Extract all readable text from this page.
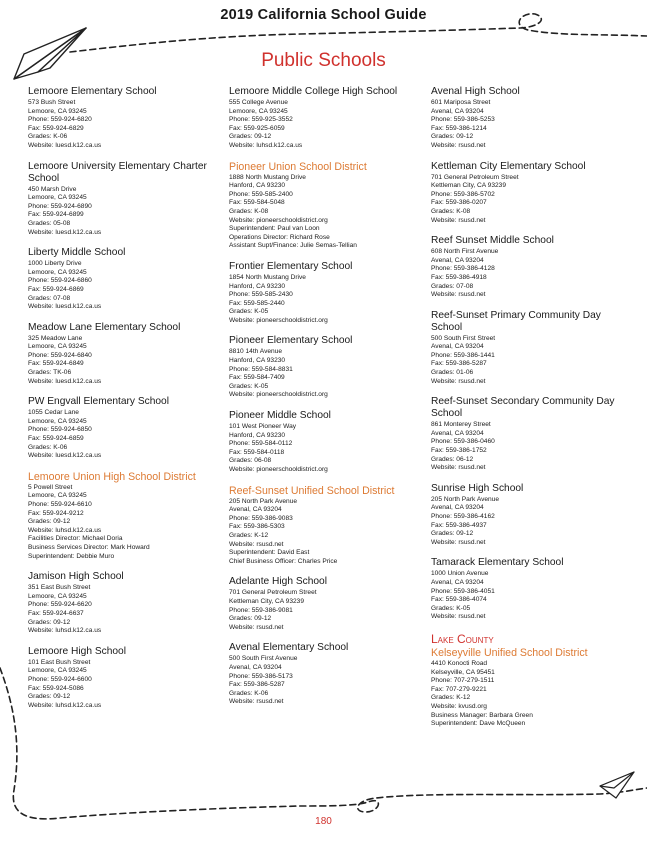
2019 California School Guide
Public Schools
Lemoore Elementary School
573 Bush Street
Lemoore, CA 93245
Phone: 559-924-6820
Fax: 559-924-6829
Grades: K-06
Website: luesd.k12.ca.us
Lemoore University Elementary Charter School
450 Marsh Drive
Lemoore, CA 93245
Phone: 559-924-6890
Fax: 559-924-6899
Grades: 05-08
Website: luesd.k12.ca.us
Liberty Middle School
1000 Liberty Drive
Lemoore, CA 93245
Phone: 559-924-6860
Fax: 559-924-6869
Grades: 07-08
Website: luesd.k12.ca.us
Meadow Lane Elementary School
325 Meadow Lane
Lemoore, CA 93245
Phone: 559-924-6840
Fax: 559-924-6849
Grades: TK-06
Website: luesd.k12.ca.us
PW Engvall Elementary School
1055 Cedar Lane
Lemoore, CA 93245
Phone: 559-924-6850
Fax: 559-924-6859
Grades: K-06
Website: luesd.k12.ca.us
Lemoore Union High School District
5 Powell Street
Lemoore, CA 93245
Phone: 559-924-6610
Fax: 559-924-9212
Grades: 09-12
Website: luhsd.k12.ca.us
Facilities Director: Michael Doria
Business Services Director: Mark Howard
Superintendent: Debbie Muro
Jamison High School
351 East Bush Street
Lemoore, CA 93245
Phone: 559-924-6620
Fax: 559-924-6637
Grades: 09-12
Website: luhsd.k12.ca.us
Lemoore High School
101 East Bush Street
Lemoore, CA 93245
Phone: 559-924-6600
Fax: 559-924-5086
Grades: 09-12
Website: luhsd.k12.ca.us
Lemoore Middle College High School
555 College Avenue
Lemoore, CA 93245
Phone: 559-925-3552
Fax: 559-925-6059
Grades: 09-12
Website: luhsd.k12.ca.us
Pioneer Union School District
1888 North Mustang Drive
Hanford, CA 93230
Phone: 559-585-2400
Fax: 559-584-5048
Grades: K-08
Website: pioneerschooldistrict.org
Superintendent: Paul van Loon
Operations Director: Richard Rose
Assistant Supt/Finance: Julie Semas-Tellian
Frontier Elementary School
1854 North Mustang Drive
Hanford, CA 93230
Phone: 559-585-2430
Fax: 559-585-2440
Grades: K-05
Website: pioneerschooldistrict.org
Pioneer Elementary School
8810 14th Avenue
Hanford, CA 93230
Phone: 559-584-8831
Fax: 559-584-7409
Grades: K-05
Website: pioneerschooldistrict.org
Pioneer Middle School
101 West Pioneer Way
Hanford, CA 93230
Phone: 559-584-0112
Fax: 559-584-0118
Grades: 06-08
Website: pioneerschooldistrict.org
Reef-Sunset Unified School District
205 North Park Avenue
Avenal, CA 93204
Phone: 559-386-9083
Fax: 559-386-5303
Grades: K-12
Website: rsusd.net
Superintendent: David East
Chief Business Officer: Charles Price
Adelante High School
701 General Petroleum Street
Kettleman City, CA 93239
Phone: 559-386-9081
Grades: 09-12
Website: rsusd.net
Avenal Elementary School
500 South First Avenue
Avenal, CA 93204
Phone: 559-386-5173
Fax: 559-386-5287
Grades: K-06
Website: rsusd.net
Avenal High School
601 Mariposa Street
Avenal, CA 93204
Phone: 559-386-5253
Fax: 559-386-1214
Grades: 09-12
Website: rsusd.net
Kettleman City Elementary School
701 General Petroleum Street
Kettleman City, CA 93239
Phone: 559-386-5702
Fax: 559-386-0207
Grades: K-08
Website: rsusd.net
Reef Sunset Middle School
608 North First Avenue
Avenal, CA 93204
Phone: 559-386-4128
Fax: 559-386-4918
Grades: 07-08
Website: rsusd.net
Reef-Sunset Primary Community Day School
500 South First Street
Avenal, CA 93204
Phone: 559-386-1441
Fax: 559-386-5287
Grades: 01-06
Website: rsusd.net
Reef-Sunset Secondary Community Day School
861 Monterey Street
Avenal, CA 93204
Phone: 559-386-0460
Fax: 559-386-1752
Grades: 06-12
Website: rsusd.net
Sunrise High School
205 North Park Avenue
Avenal, CA 93204
Phone: 559-386-4162
Fax: 559-386-4937
Grades: 09-12
Website: rsusd.net
Tamarack Elementary School
1000 Union Avenue
Avenal, CA 93204
Phone: 559-386-4051
Fax: 559-386-4074
Grades: K-05
Website: rsusd.net
Lake County
Kelseyville Unified School District
4410 Konocti Road
Kelseyville, CA 95451
Phone: 707-279-1511
Fax: 707-279-9221
Grades: K-12
Website: kvusd.org
Business Manager: Barbara Green
Superintendent: Dave McQueen
180
